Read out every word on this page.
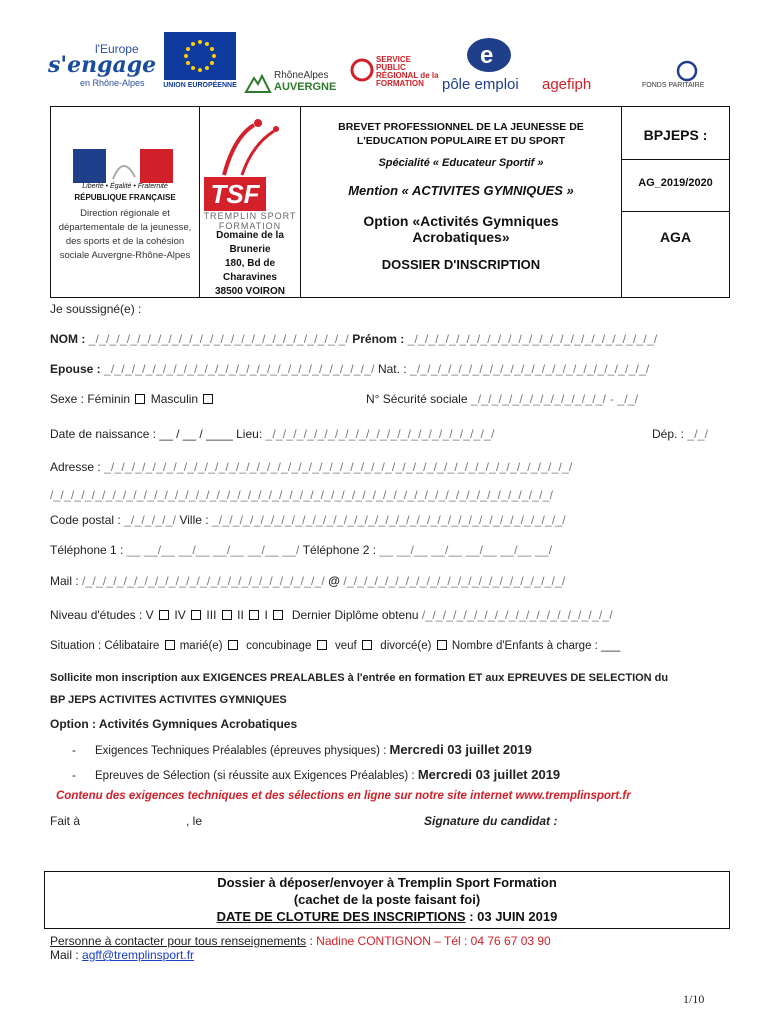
l'Europe
s'engage
en Rhône-Alpes	UNION EUROPÉENNE
RhôneAlpes
AUVERGNE
SERVICE PUBLIC RÉGIONAL de la FORMATION
e
pôle emploi agefiph	FONDS PARITAIRE
Liberté • Égalité • Fraternité
RÉPUBLIQUE FRANÇAISE
Direction régionale et départementale de la jeunesse, des sports et de la cohésion sociale Auvergne-Rhône-Alpes
TSF
TREMPLIN SPORT FORMATION
Domaine de la
Brunerie
180, Bd de
Charavines
38500 VOIRON
BREVET PROFESSIONNEL DE LA JEUNESSE DE
L'EDUCATION POPULAIRE ET DU SPORT
Spécialité « Educateur Sportif »
Mention « ACTIVITES GYMNIQUES »
Option «Activités Gymniques
Acrobatiques»
DOSSIER D'INSCRIPTION
BPJEPS :
AG_2019/2020
AGA
Je soussigné(e) :
NOM : _/_/_/_/_/_/_/_/_/_/_/_/_/_/_/_/_/_/_/_/_/_/_/_/_/ Prénom : _/_/_/_/_/_/_/_/_/_/_/_/_/_/_/_/_/_/_/_/_/_/_/_/
Epouse : _/_/_/_/_/_/_/_/_/_/_/_/_/_/_/_/_/_/_/_/_/_/_/_/_/_/ Nat. : _/_/_/_/_/_/_/_/_/_/_/_/_/_/_/_/_/_/_/_/_/_/_/
Sexe : Féminin Masculin	N° Sécurité sociale _/_/_/_/_/_/_/_/_/_/_/_/_/ - _/_/
Date de naissance : __ / __ / ____ Lieu: _/_/_/_/_/_/_/_/_/_/_/_/_/_/_/_/_/_/_/_/_/_/	Dép. : _/_/
Adresse : _/_/_/_/_/_/_/_/_/_/_/_/_/_/_/_/_/_/_/_/_/_/_/_/_/_/_/_/_/_/_/_/_/_/_/_/_/_/_/_/_/_/_/_/_/
/_/_/_/_/_/_/_/_/_/_/_/_/_/_/_/_/_/_/_/_/_/_/_/_/_/_/_/_/_/_/_/_/_/_/_/_/_/_/_/_/_/_/_/_/_/_/_/_/
Code postal : _/_/_/_/_/ Ville : _/_/_/_/_/_/_/_/_/_/_/_/_/_/_/_/_/_/_/_/_/_/_/_/_/_/_/_/_/_/_/_/_/_/
Téléphone 1 : __ __/__ __/__ __/__ __/__ __/ Téléphone 2 : __ __/__ __/__ __/__ __/__ __/
Mail : /_/_/_/_/_/_/_/_/_/_/_/_/_/_/_/_/_/_/_/_/_/_/_/ @ /_/_/_/_/_/_/_/_/_/_/_/_/_/_/_/_/_/_/_/_/_/
Niveau d'études : V IV III II I Dernier Diplôme obtenu /_/_/_/_/_/_/_/_/_/_/_/_/_/_/_/_/_/_/
Situation : Célibataire marié(e) concubinage veuf divorcé(e) Nombre d'Enfants à charge : ___
Sollicite mon inscription aux EXIGENCES PREALABLES à l'entrée en formation ET aux EPREUVES DE SELECTION du
BP JEPS ACTIVITES ACTIVITES GYMNIQUES
Option : Activités Gymniques Acrobatiques
-      Exigences Techniques Préalables (épreuves physiques) : Mercredi 03 juillet 2019
-      Epreuves de Sélection (si réussite aux Exigences Préalables) : Mercredi 03 juillet 2019
Contenu des exigences techniques et des sélections en ligne sur notre site internet www.tremplinsport.fr
Fait à	, le	Signature du candidat :
Dossier à déposer/envoyer à Tremplin Sport Formation
(cachet de la poste faisant foi)
DATE DE CLOTURE DES INSCRIPTIONS : 03 JUIN 2019
Personne à contacter pour tous renseignements : Nadine CONTIGNON – Tél : 04 76 67 03 90
Mail : agff@tremplinsport.fr
1/10
